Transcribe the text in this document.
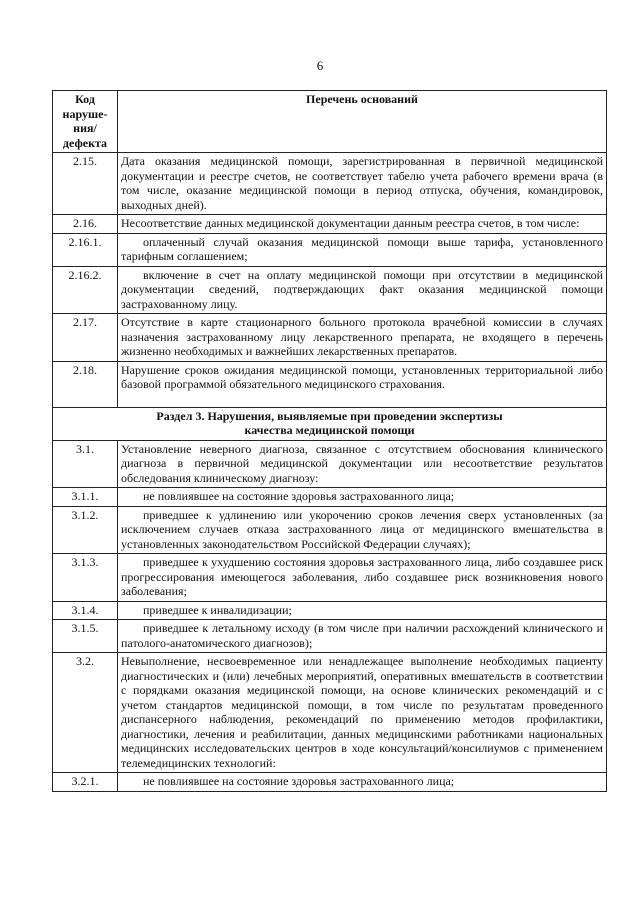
6
Код наруше- ния/ дефекта	Перечень оснований
2.15.	Дата оказания медицинской помощи, зарегистрированная в первичной медицинской документации и реестре счетов, не соответствует табелю учета рабочего времени врача (в том числе, оказание медицинской помощи в период отпуска, обучения, командировок, выходных дней).
2.16.	Несоответствие данных медицинской документации данным реестра счетов, в том числе:
2.16.1.	оплаченный случай оказания медицинской помощи выше тарифа, установленного тарифным соглашением;
2.16.2.	включение в счет на оплату медицинской помощи при отсутствии в медицинской документации сведений, подтверждающих факт оказания медицинской помощи застрахованному лицу.
2.17.	Отсутствие в карте стационарного больного протокола врачебной комиссии в случаях назначения застрахованному лицу лекарственного препарата, не входящего в перечень жизненно необходимых и важнейших лекарственных препаратов.
2.18.	Нарушение сроков ожидания медицинской помощи, установленных территориальной либо базовой программой обязательного медицинского страхования.

Раздел 3. Нарушения, выявляемые при проведении экспертизы
качества медицинской помощи	

3.1.	Установление неверного диагноза, связанное с отсутствием обоснования клинического диагноза в первичной медицинской документации или несоответствие результатов обследования клиническому диагнозу:
3.1.1.	не повлиявшее на состояние здоровья застрахованного лица;
3.1.2.	приведшее к удлинению или укорочению сроков лечения сверх установленных (за исключением случаев отказа застрахованного лица от медицинского вмешательства в установленных законодательством Российской Федерации случаях);
3.1.3.	приведшее к ухудшению состояния здоровья застрахованного лица, либо создавшее риск прогрессирования имеющегося заболевания, либо создавшее риск возникновения нового заболевания;
3.1.4.	приведшее к инвалидизации;
3.1.5.	приведшее к летальному исходу (в том числе при наличии расхождений клинического и патолого-анатомического диагнозов);
3.2.	Невыполнение, несвоевременное или ненадлежащее выполнение необходимых пациенту диагностических и (или) лечебных мероприятий, оперативных вмешательств в соответствии с порядками оказания медицинской помощи, на основе клинических рекомендаций и с учетом стандартов медицинской помощи, в том числе по результатам проведенного диспансерного наблюдения, рекомендаций по применению методов профилактики, диагностики, лечения и реабилитации, данных медицинскими работниками национальных медицинских исследовательских центров в ходе консультаций/консилиумов с применением телемедицинских технологий:
3.2.1.	не повлиявшее на состояние здоровья застрахованного лица;
